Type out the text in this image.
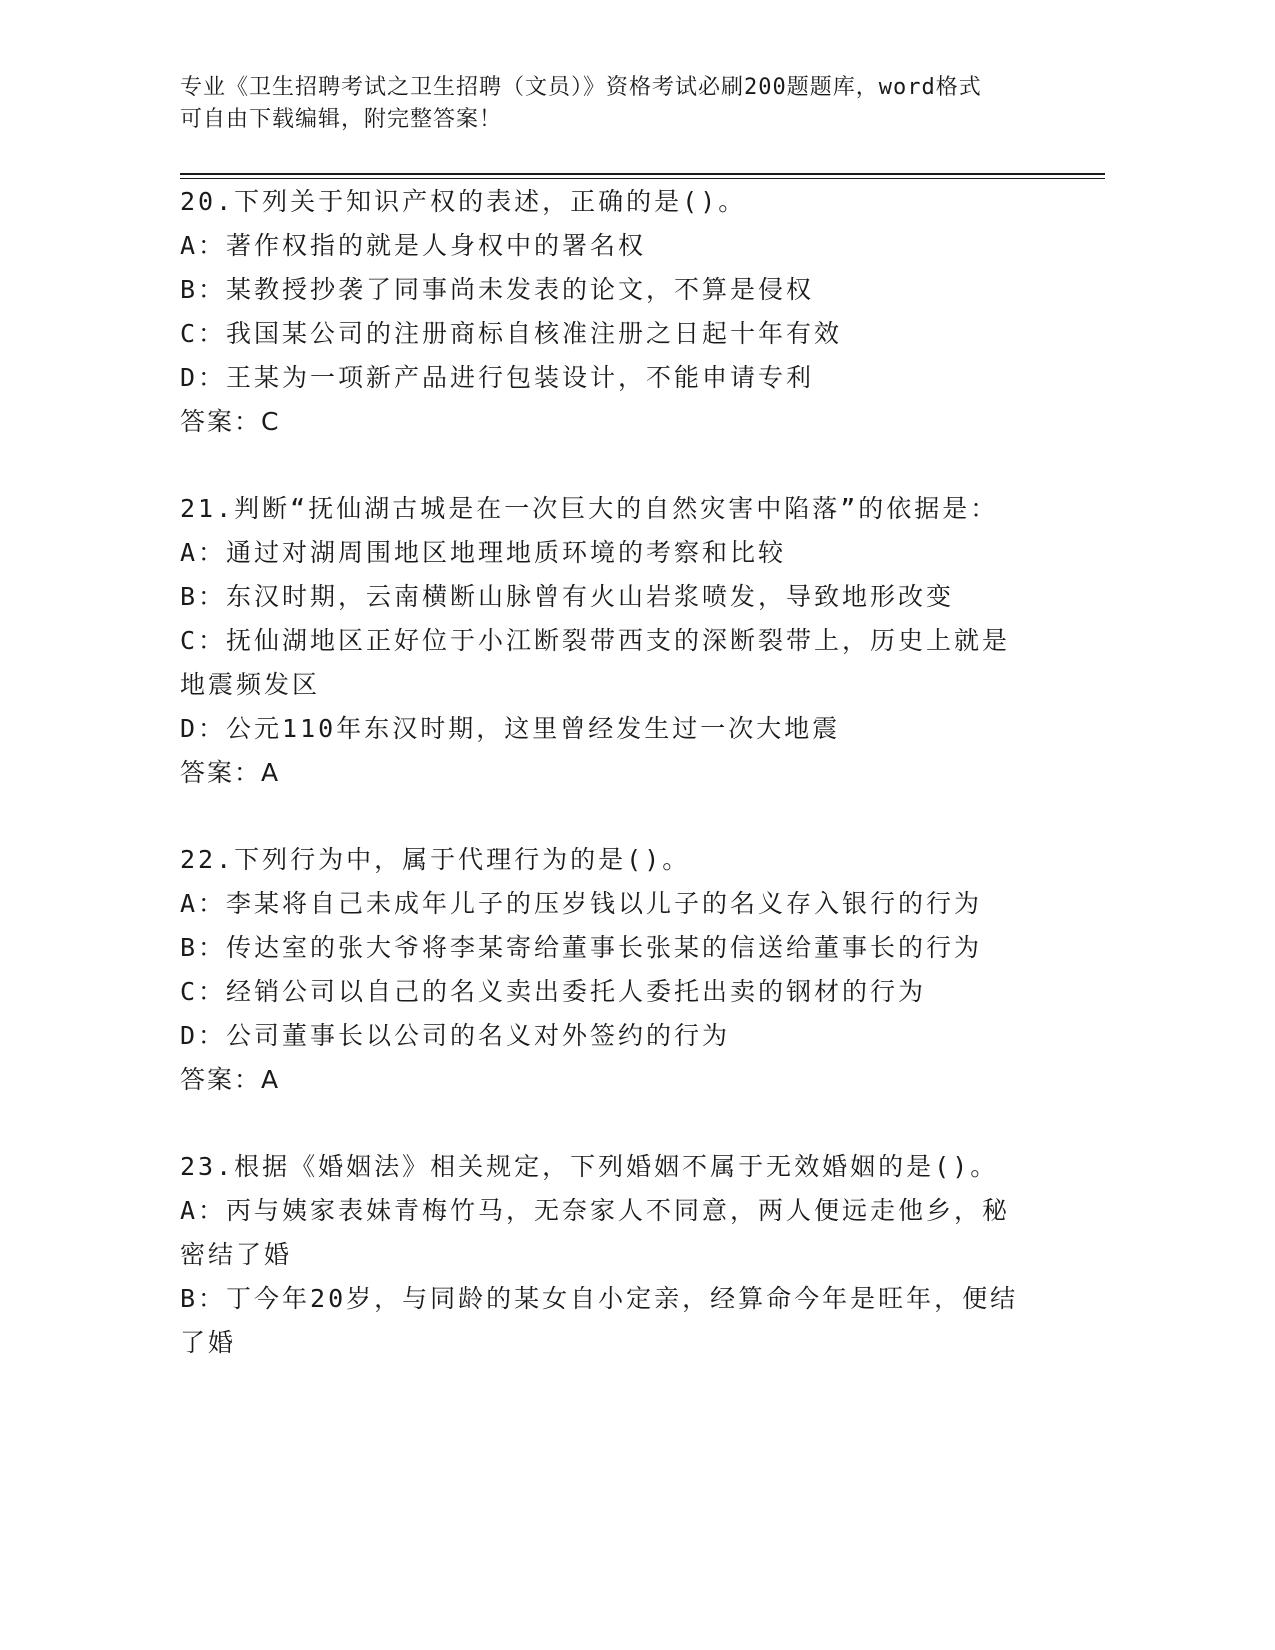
专业《卫生招聘考试之卫生招聘（文员）》资格考试必刷200题题库，word格式
可自由下载编辑，附完整答案！
20.下列关于知识产权的表述，正确的是()。
A：著作权指的就是人身权中的署名权
B：某教授抄袭了同事尚未发表的论文，不算是侵权
C：我国某公司的注册商标自核准注册之日起十年有效
D：王某为一项新产品进行包装设计，不能申请专利
答案：C
21.判断“抚仙湖古城是在一次巨大的自然灾害中陷落”的依据是：
A：通过对湖周围地区地理地质环境的考察和比较
B：东汉时期，云南横断山脉曾有火山岩浆喷发，导致地形改变
C：抚仙湖地区正好位于小江断裂带西支的深断裂带上，历史上就是地震频发区
D：公元110年东汉时期，这里曾经发生过一次大地震
答案：A
22.下列行为中，属于代理行为的是()。
A：李某将自己未成年儿子的压岁钱以儿子的名义存入银行的行为
B：传达室的张大爷将李某寄给董事长张某的信送给董事长的行为
C：经销公司以自己的名义卖出委托人委托出卖的钢材的行为
D：公司董事长以公司的名义对外签约的行为
答案：A
23.根据《婚姻法》相关规定，下列婚姻不属于无效婚姻的是()。
A：丙与姨家表妹青梅竹马，无奈家人不同意，两人便远走他乡，秘密结了婚
B：丁今年20岁，与同龄的某女自小定亲，经算命今年是旺年，便结了婚
